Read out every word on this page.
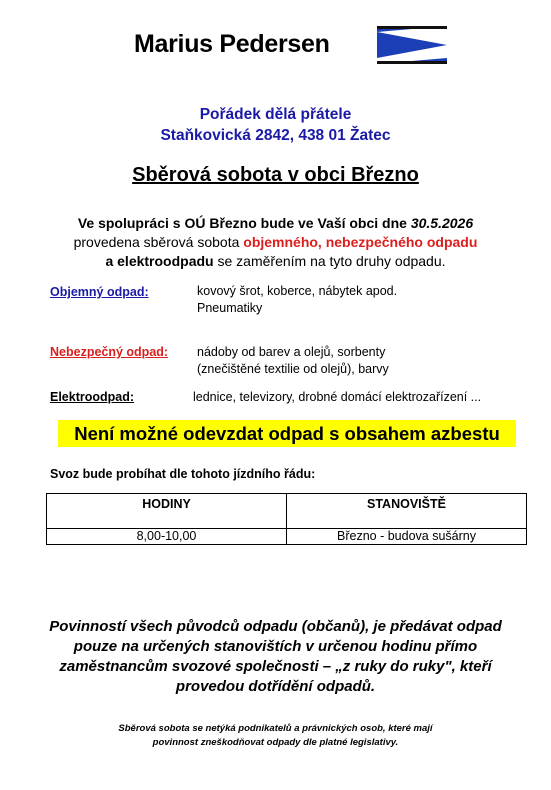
Marius Pedersen
Pořádek dělá přátele
Staňkovická 2842, 438 01 Žatec
Sběrová sobota v obci Březno
Ve spolupráci s OÚ Březno bude ve Vaší obci dne 30.5.2026
provedena sběrová sobota objemného, nebezpečného odpadu
a elektroodpadu se zaměřením na tyto druhy odpadu.
Objemný odpad:	kovový šrot, koberce, nábytek apod.
Pneumatiky
Nebezpečný odpad: nádoby od barev a olejů, sorbenty
(znečištěné textilie od olejů), barvy
Elektroodpad:	lednice, televizory, drobné domácí elektrozařízení ...
Není možné odevzdat odpad s obsahem azbestu
Svoz bude probíhat dle tohoto jízdního řádu:
HODINY	STANOVIŠTĚ
8,00-10,00	Březno - budova sušárny
Povinností všech původců odpadu (občanů), je předávat odpad
pouze na určených stanovištích v určenou hodinu přímo
zaměstnancům svozové společnosti – „z ruky do ruky", kteří
provedou dotřídění odpadů.
Sběrová sobota se netýká podnikatelů a právnických osob, které mají
povinnost zneškodňovat odpady dle platné legislativy.
